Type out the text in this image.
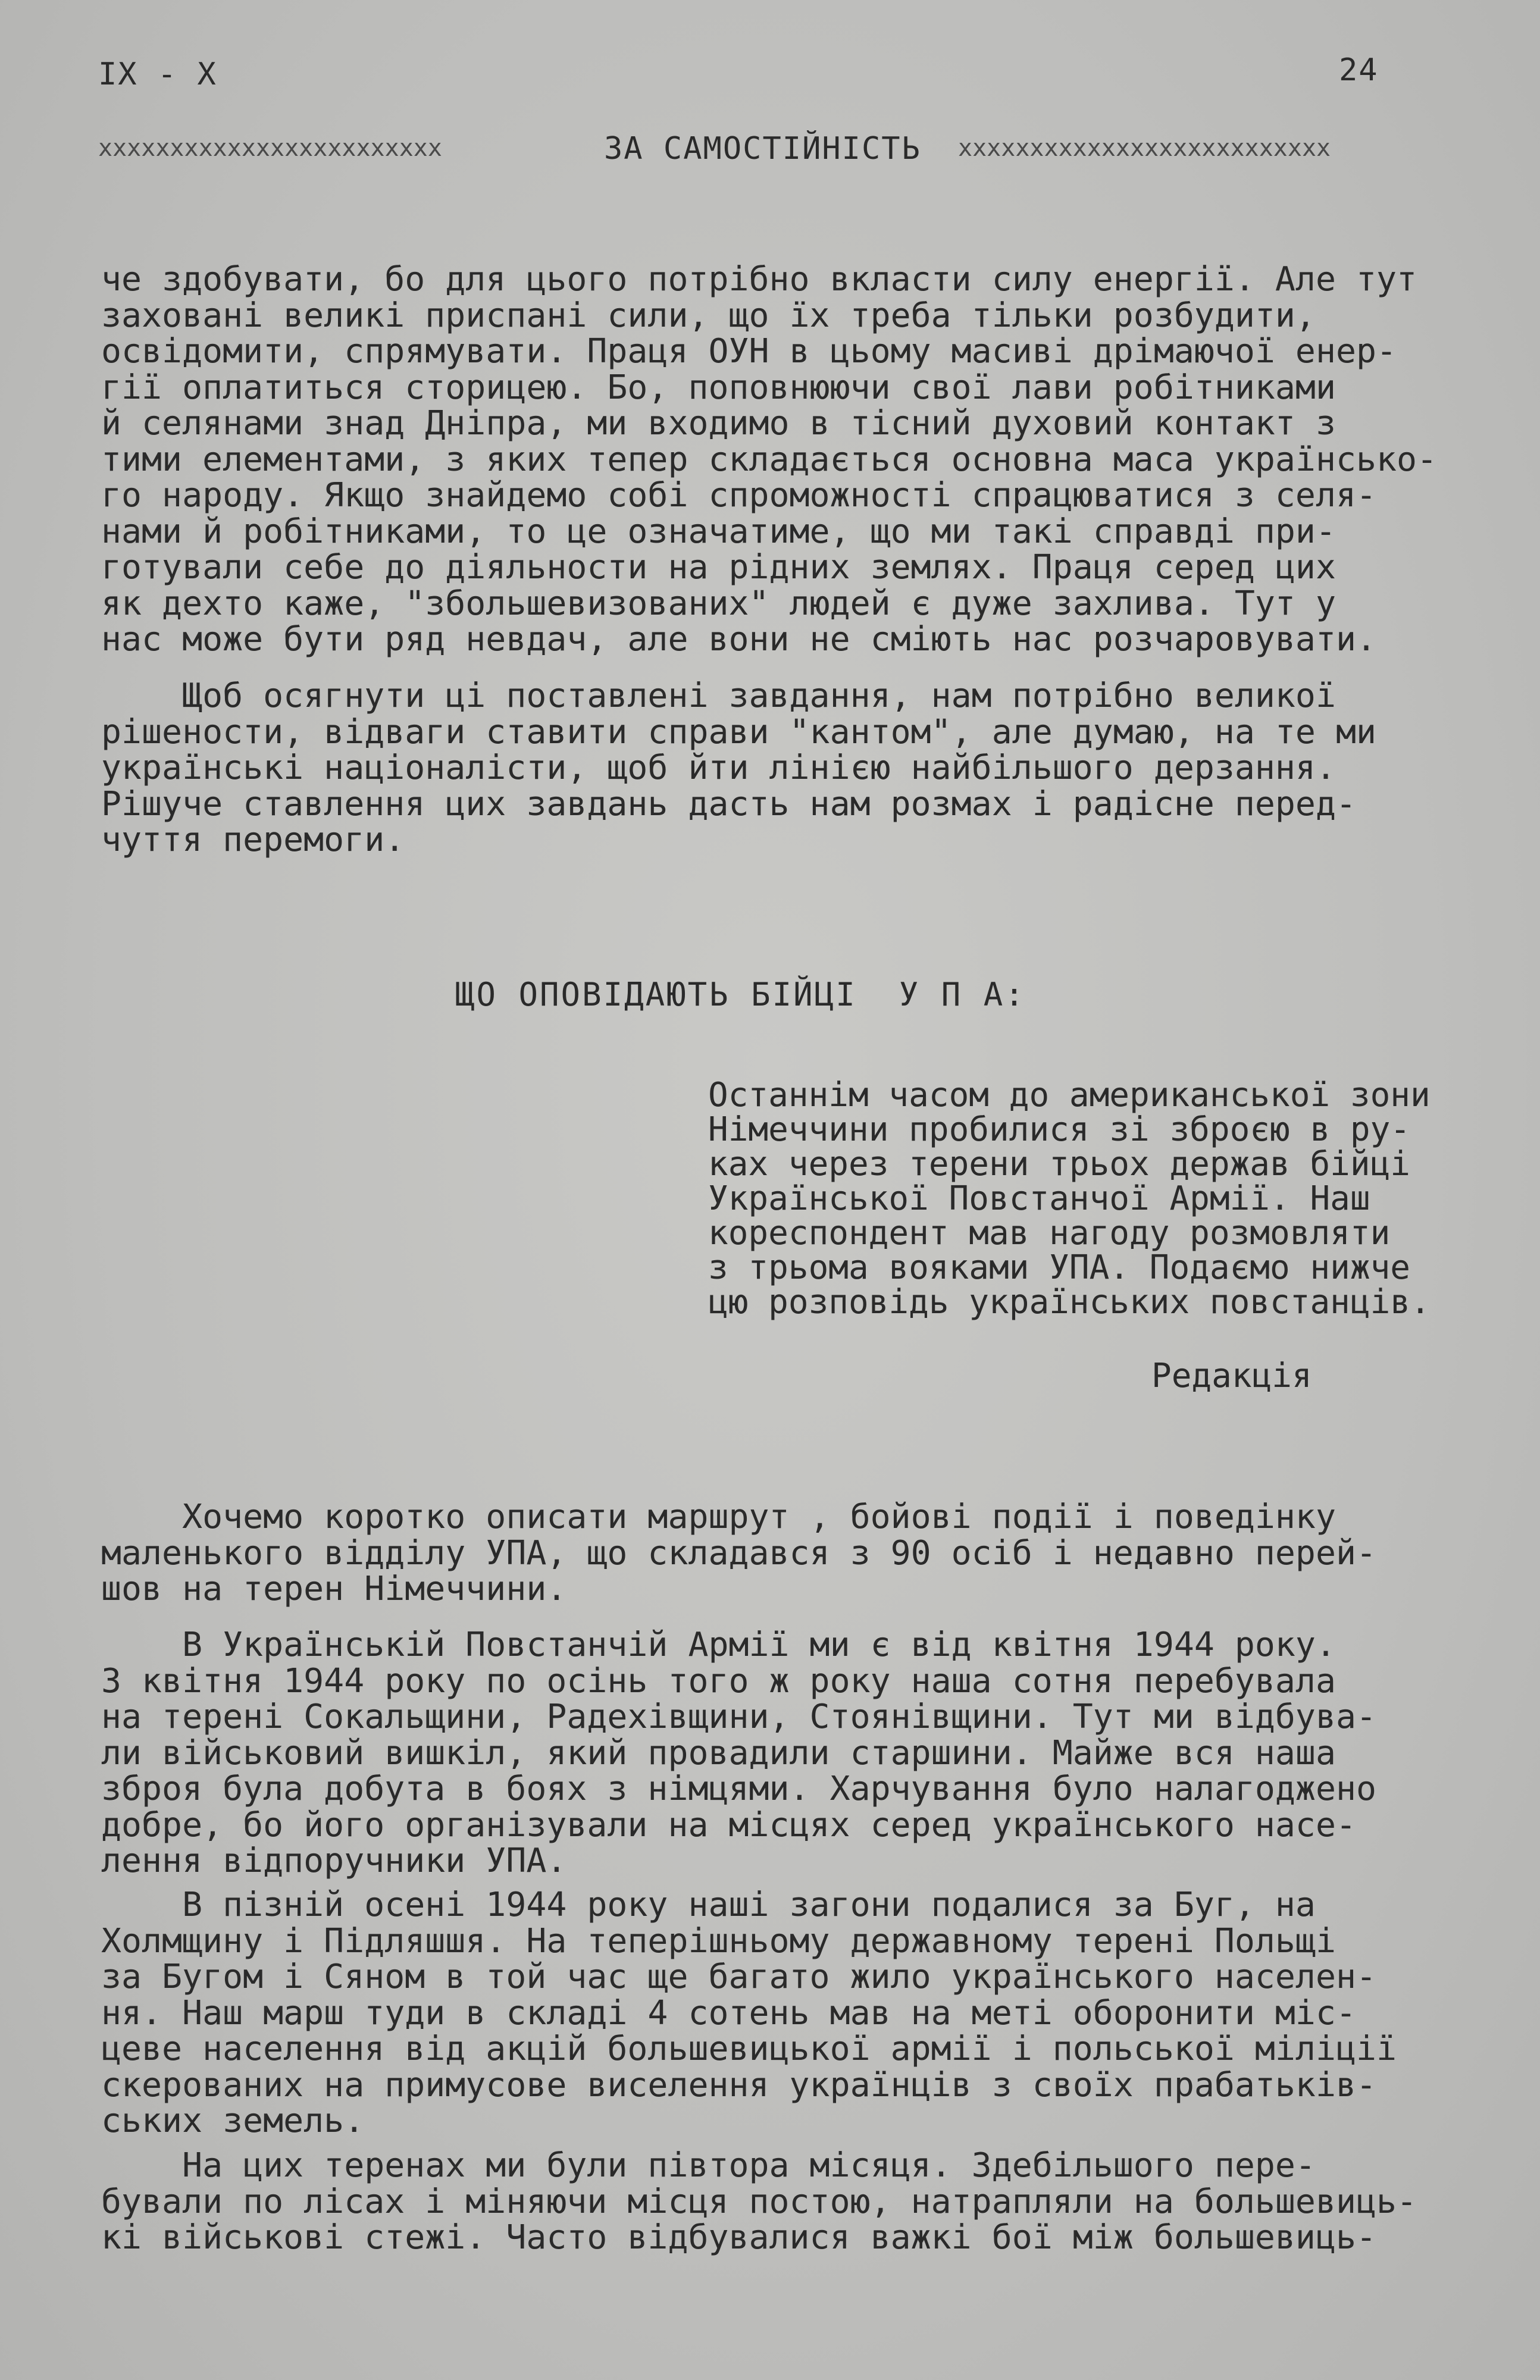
IX - X	24
xxxxxxxxxxxxxxxxxxxxxxxx	ЗА САМОСТІЙНІСТЬ xxxxxxxxxxxxxxxxxxxxxxxxxx
че здобувати, бо для цього потрібно вкласти силу енергії. Але тут
заховані великі приспані сили, що їх треба тільки розбудити,
освідомити, спрямувати. Праця ОУН в цьому масиві дрімаючої енер-
гії оплатиться сторицею. Бо, поповнюючи свої лави робітниками
й селянами знад Дніпра, ми входимо в тісний духовий контакт з
тими елементами, з яких тепер складається основна маса українсько-
го народу. Якщо знайдемо собі спроможності спрацюватися з селя-
нами й робітниками, то це означатиме, що ми такі справді при-
готували себе до діяльности на рідних землях. Праця серед цих
як дехто каже, "збольшевизованих" людей є дуже захлива. Тут у
нас може бути ряд невдач, але вони не сміють нас розчаровувати.
Щоб осягнути ці поставлені завдання, нам потрібно великої
рішености, відваги ставити справи "кантом", але думаю, на те ми
українські націоналісти, щоб йти лінією найбільшого дерзання.
Рішуче ставлення цих завдань дасть нам розмах і радісне перед-
чуття перемоги.
ЩО ОПОВІДАЮТЬ БІЙЦІ  У П А:
Останнім часом до американської зони
Німеччини пробилися зі зброєю в ру-
ках через терени трьох держав бійці
Української Повстанчої Армії. Наш
кореспондент мав нагоду розмовляти
з трьома вояками УПА. Подаємо нижче
цю розповідь українських повстанців.
Редакція
Хочемо коротко описати маршрут , бойові події і поведінку
маленького відділу УПА, що складався з 90 осіб і недавно перей-
шов на терен Німеччини.
В Українській Повстанчій Армії ми є від квітня 1944 року.
З квітня 1944 року по осінь того ж року наша сотня перебувала
на терені Сокальщини, Радехівщини, Стоянівщини. Тут ми відбува-
ли військовий вишкіл, який провадили старшини. Майже вся наша
зброя була добута в боях з німцями. Харчування було налагоджено
добре, бо його організували на місцях серед українського насе-
лення відпоручники УПА.
В пізній осені 1944 року наші загони подалися за Буг, на
Холмщину і Підляшшя. На теперішньому державному терені Польщі
за Бугом і Сяном в той час ще багато жило українського населен-
ня. Наш марш туди в складі 4 сотень мав на меті оборонити міс-
цеве населення від акцій большевицької армії і польської міліції
скерованих на примусове виселення українців з своїх прабатьків-
ських земель.
На цих теренах ми були півтора місяця. Здебільшого пере-
бували по лісах і міняючи місця постою, натрапляли на большевиць-
кі військові стежі. Часто відбувалися важкі бої між большевиць-
